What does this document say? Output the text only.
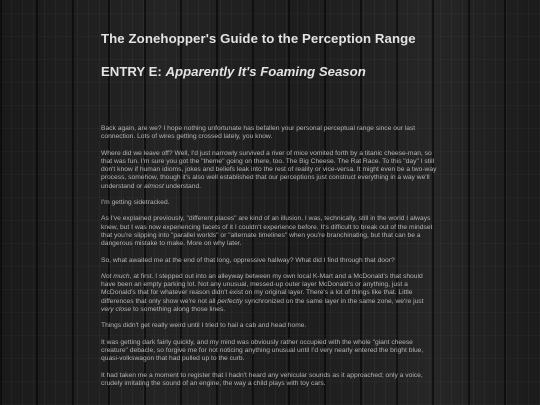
The Zonehopper's Guide to the Perception Range
ENTRY E: Apparently It's Foaming Season

Back again, are we? I hope nothing unfortunate has befallen your personal perceptual range since our last connection. Lots of wires getting crossed lately, you know.

Where did we leave off? Well, I'd just narrowly survived a river of mice vomited forth by a titanic cheese-man, so that was fun. I'm sure you got the "theme" going on there, too. The Big Cheese. The Rat Race. To this "day" I still don't know if human idioms, jokes and beliefs leak into the rest of reality or vice-versa. It might even be a two-way process, somehow, though it's also well established that our perceptions just construct everything in a way we'll understand or almost understand.

I'm getting sidetracked.

As I've explained previously, "different places" are kind of an illusion. I was, technically, still in the world I always knew, but I was now experiencing facets of it I couldn't experience before. It's difficult to break out of the mindset that you're slipping into "parallel worlds" or "alternate timelines" when you're branchinating, but that can be a dangerous mistake to make. More on why later.

So, what awaited me at the end of that long, oppressive hallway? What did I find through that door?

Not much, at first. I stepped out into an alleyway between my own local K-Mart and a McDonald's that should have been an empty parking lot. Not any unusual, messed-up outer layer McDonald's or anything, just a McDonald's that for whatever reason didn't exist on my original layer. There's a lot of things like that. Little differences that only show we're not all perfectly synchronized on the same layer in the same zone, we're just very close to something along those lines.

Things didn't get really weird until I tried to hail a cab and head home.

It was getting dark fairly quickly, and my mind was obviously rather occupied with the whole "giant cheese creature" debacle, so forgive me for not noticing anything unusual until I'd very nearly entered the bright blue, quasi-volkswagon that had pulled up to the curb.

It had taken me a moment to register that I hadn't heard any vehicular sounds as it approached; only a voice, crudely imitating the sound of an engine, the way a child plays with toy cars.
